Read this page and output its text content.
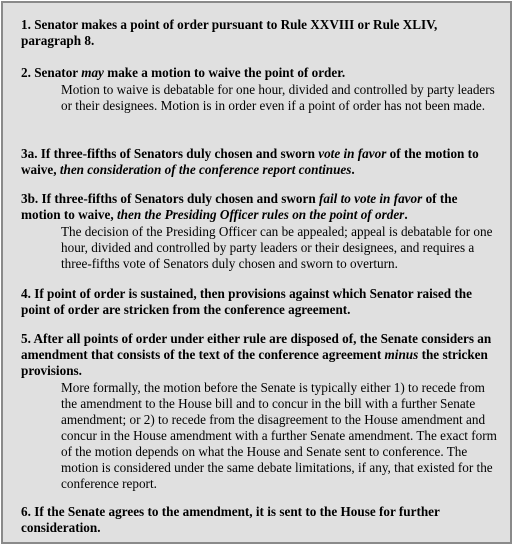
1. Senator makes a point of order pursuant to Rule XXVIII or Rule XLIV, paragraph 8.

2. Senator may make a motion to waive the point of order.

Motion to waive is debatable for one hour, divided and controlled by party leaders or their designees. Motion is in order even if a point of order has not been made.

3a. If three-fifths of Senators duly chosen and sworn vote in favor of the motion to waive, then consideration of the conference report continues.

3b. If three-fifths of Senators duly chosen and sworn fail to vote in favor of the motion to waive, then the Presiding Officer rules on the point of order.

The decision of the Presiding Officer can be appealed; appeal is debatable for one hour, divided and controlled by party leaders or their designees, and requires a three-fifths vote of Senators duly chosen and sworn to overturn.

4. If point of order is sustained, then provisions against which Senator raised the point of order are stricken from the conference agreement.

5. After all points of order under either rule are disposed of, the Senate considers an amendment that consists of the text of the conference agreement minus the stricken provisions.

More formally, the motion before the Senate is typically either 1) to recede from the amendment to the House bill and to concur in the bill with a further Senate amendment; or 2) to recede from the disagreement to the House amendment and concur in the House amendment with a further Senate amendment. The exact form of the motion depends on what the House and Senate sent to conference. The motion is considered under the same debate limitations, if any, that existed for the conference report.

6. If the Senate agrees to the amendment, it is sent to the House for further consideration.
